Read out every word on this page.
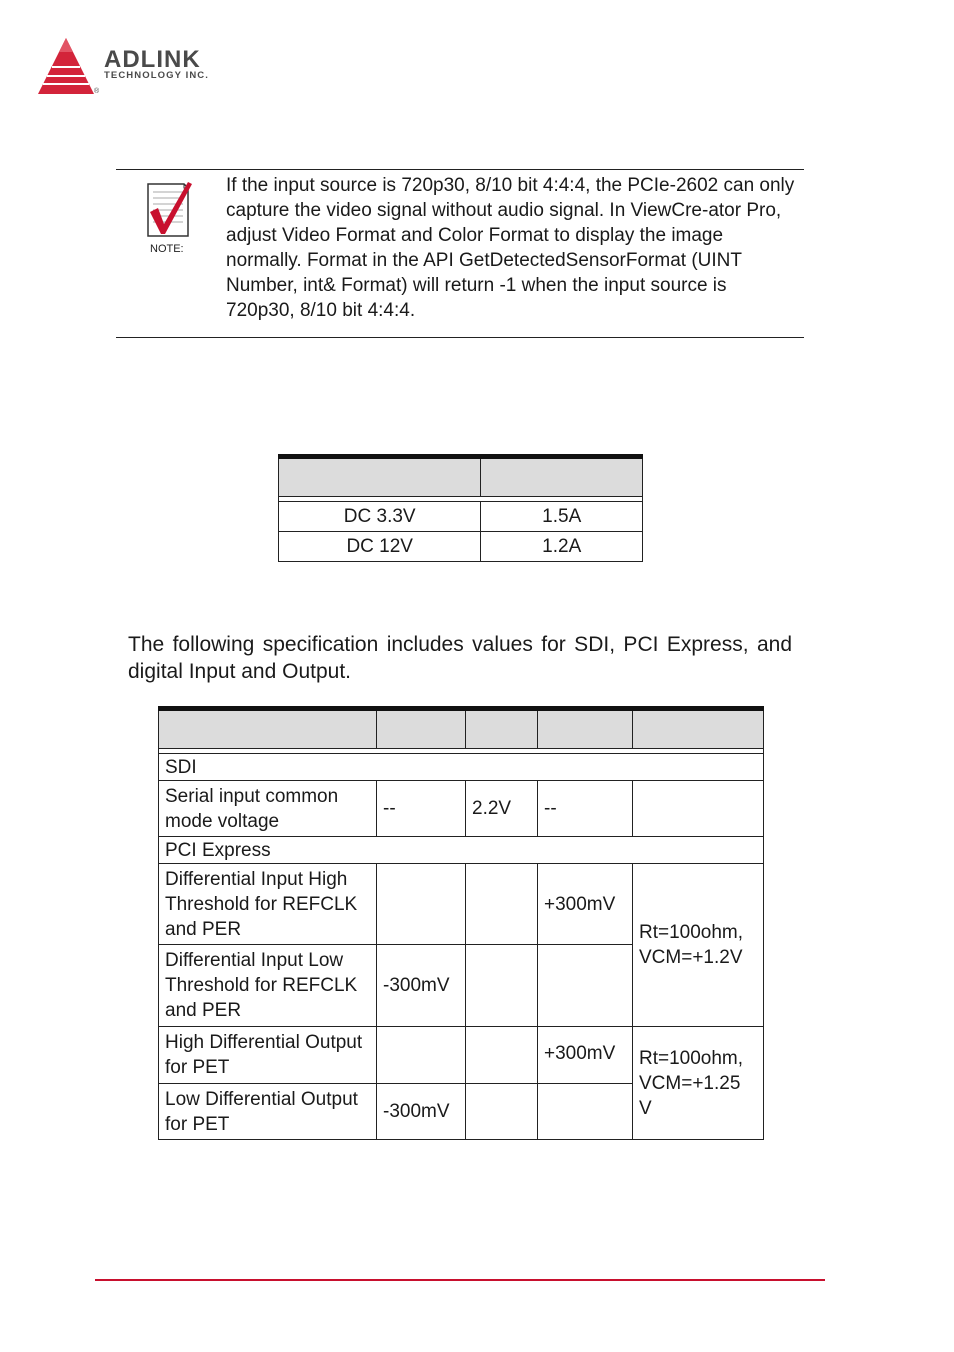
ADLINK
TECHNOLOGY INC.
®
NOTE:
If the input source is 720p30, 8/10 bit 4:4:4, the PCIe-2602 can only capture the video signal without audio signal. In ViewCre-ator Pro, adjust Video Format and Color Format to display the image normally. Format in the API GetDetectedSensorFormat (UINT Number, int& Format) will return -1 when the input source is 720p30, 8/10 bit 4:4:4.

DC 3.3V	1.5A
DC 12V	1.2A
The following specification includes values for SDI, PCI Express, and digital Input and Output.

SDI				
Serial input common mode voltage	--	2.2V	--	
PCI Express				
Differential Input High Threshold for REFCLK and PER			+300mV	Rt=100ohm, VCM=+1.2V
Differential Input Low Threshold for REFCLK and PER	-300mV			
High Differential Output for PET			+300mV	Rt=100ohm, VCM=+1.25 V
Low Differential Output for PET	-300mV			
